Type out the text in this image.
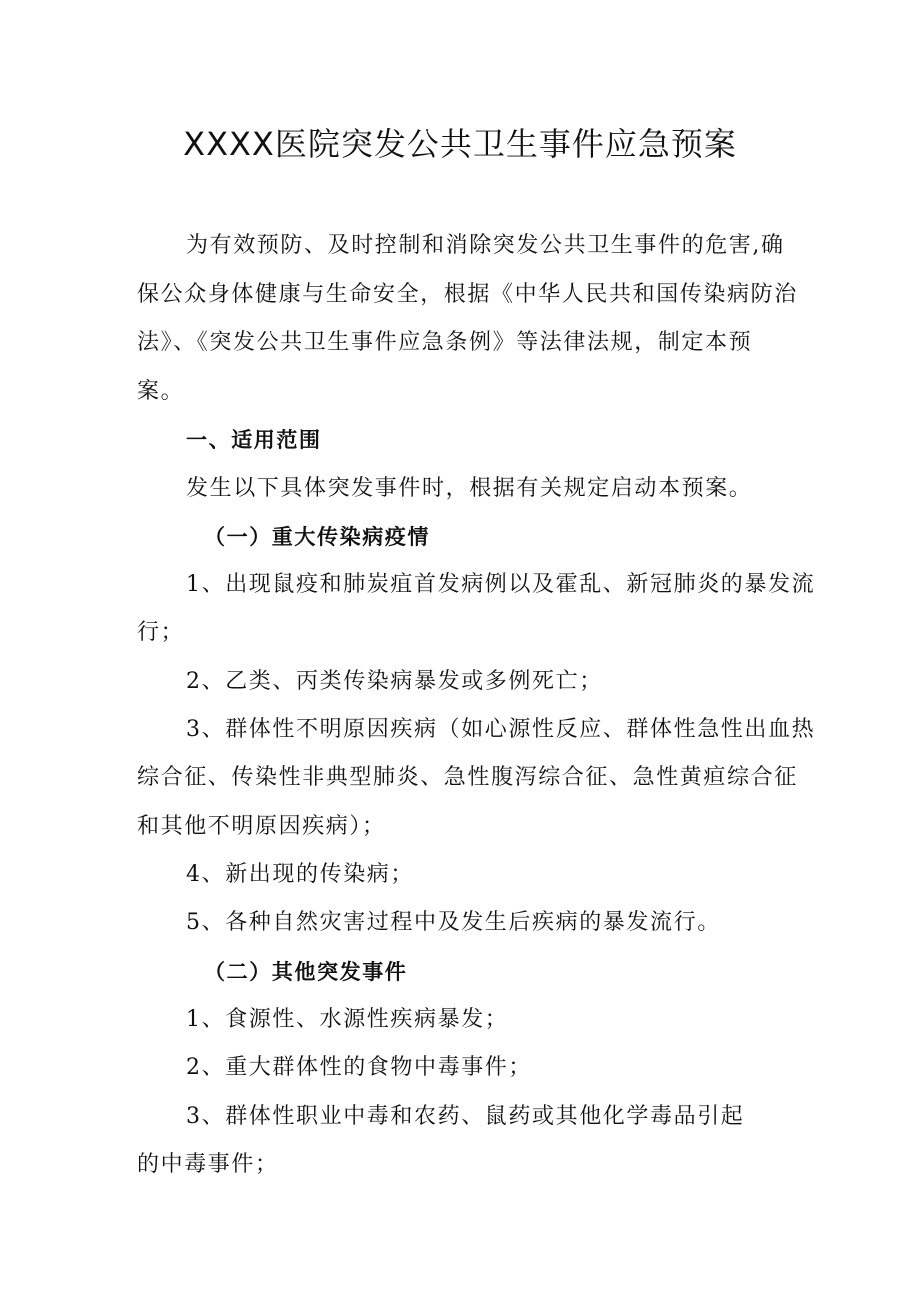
XXXX医院突发公共卫生事件应急预案
为有效预防、及时控制和消除突发公共卫生事件的危害,确
保公众身体健康与生命安全，根据《中华人民共和国传染病防治
法》、《突发公共卫生事件应急条例》等法律法规，制定本预
案。
一、适用范围
发生以下具体突发事件时，根据有关规定启动本预案。
（一）重大传染病疫情
1、出现鼠疫和肺炭疽首发病例以及霍乱、新冠肺炎的暴发流
行；
2、乙类、丙类传染病暴发或多例死亡；
3、群体性不明原因疾病（如心源性反应、群体性急性出血热
综合征、传染性非典型肺炎、急性腹泻综合征、急性黄疸综合征
和其他不明原因疾病）；
4、新出现的传染病；
5、各种自然灾害过程中及发生后疾病的暴发流行。
（二）其他突发事件
1、食源性、水源性疾病暴发；
2、重大群体性的食物中毒事件；
3、群体性职业中毒和农药、鼠药或其他化学毒品引起
的中毒事件；
